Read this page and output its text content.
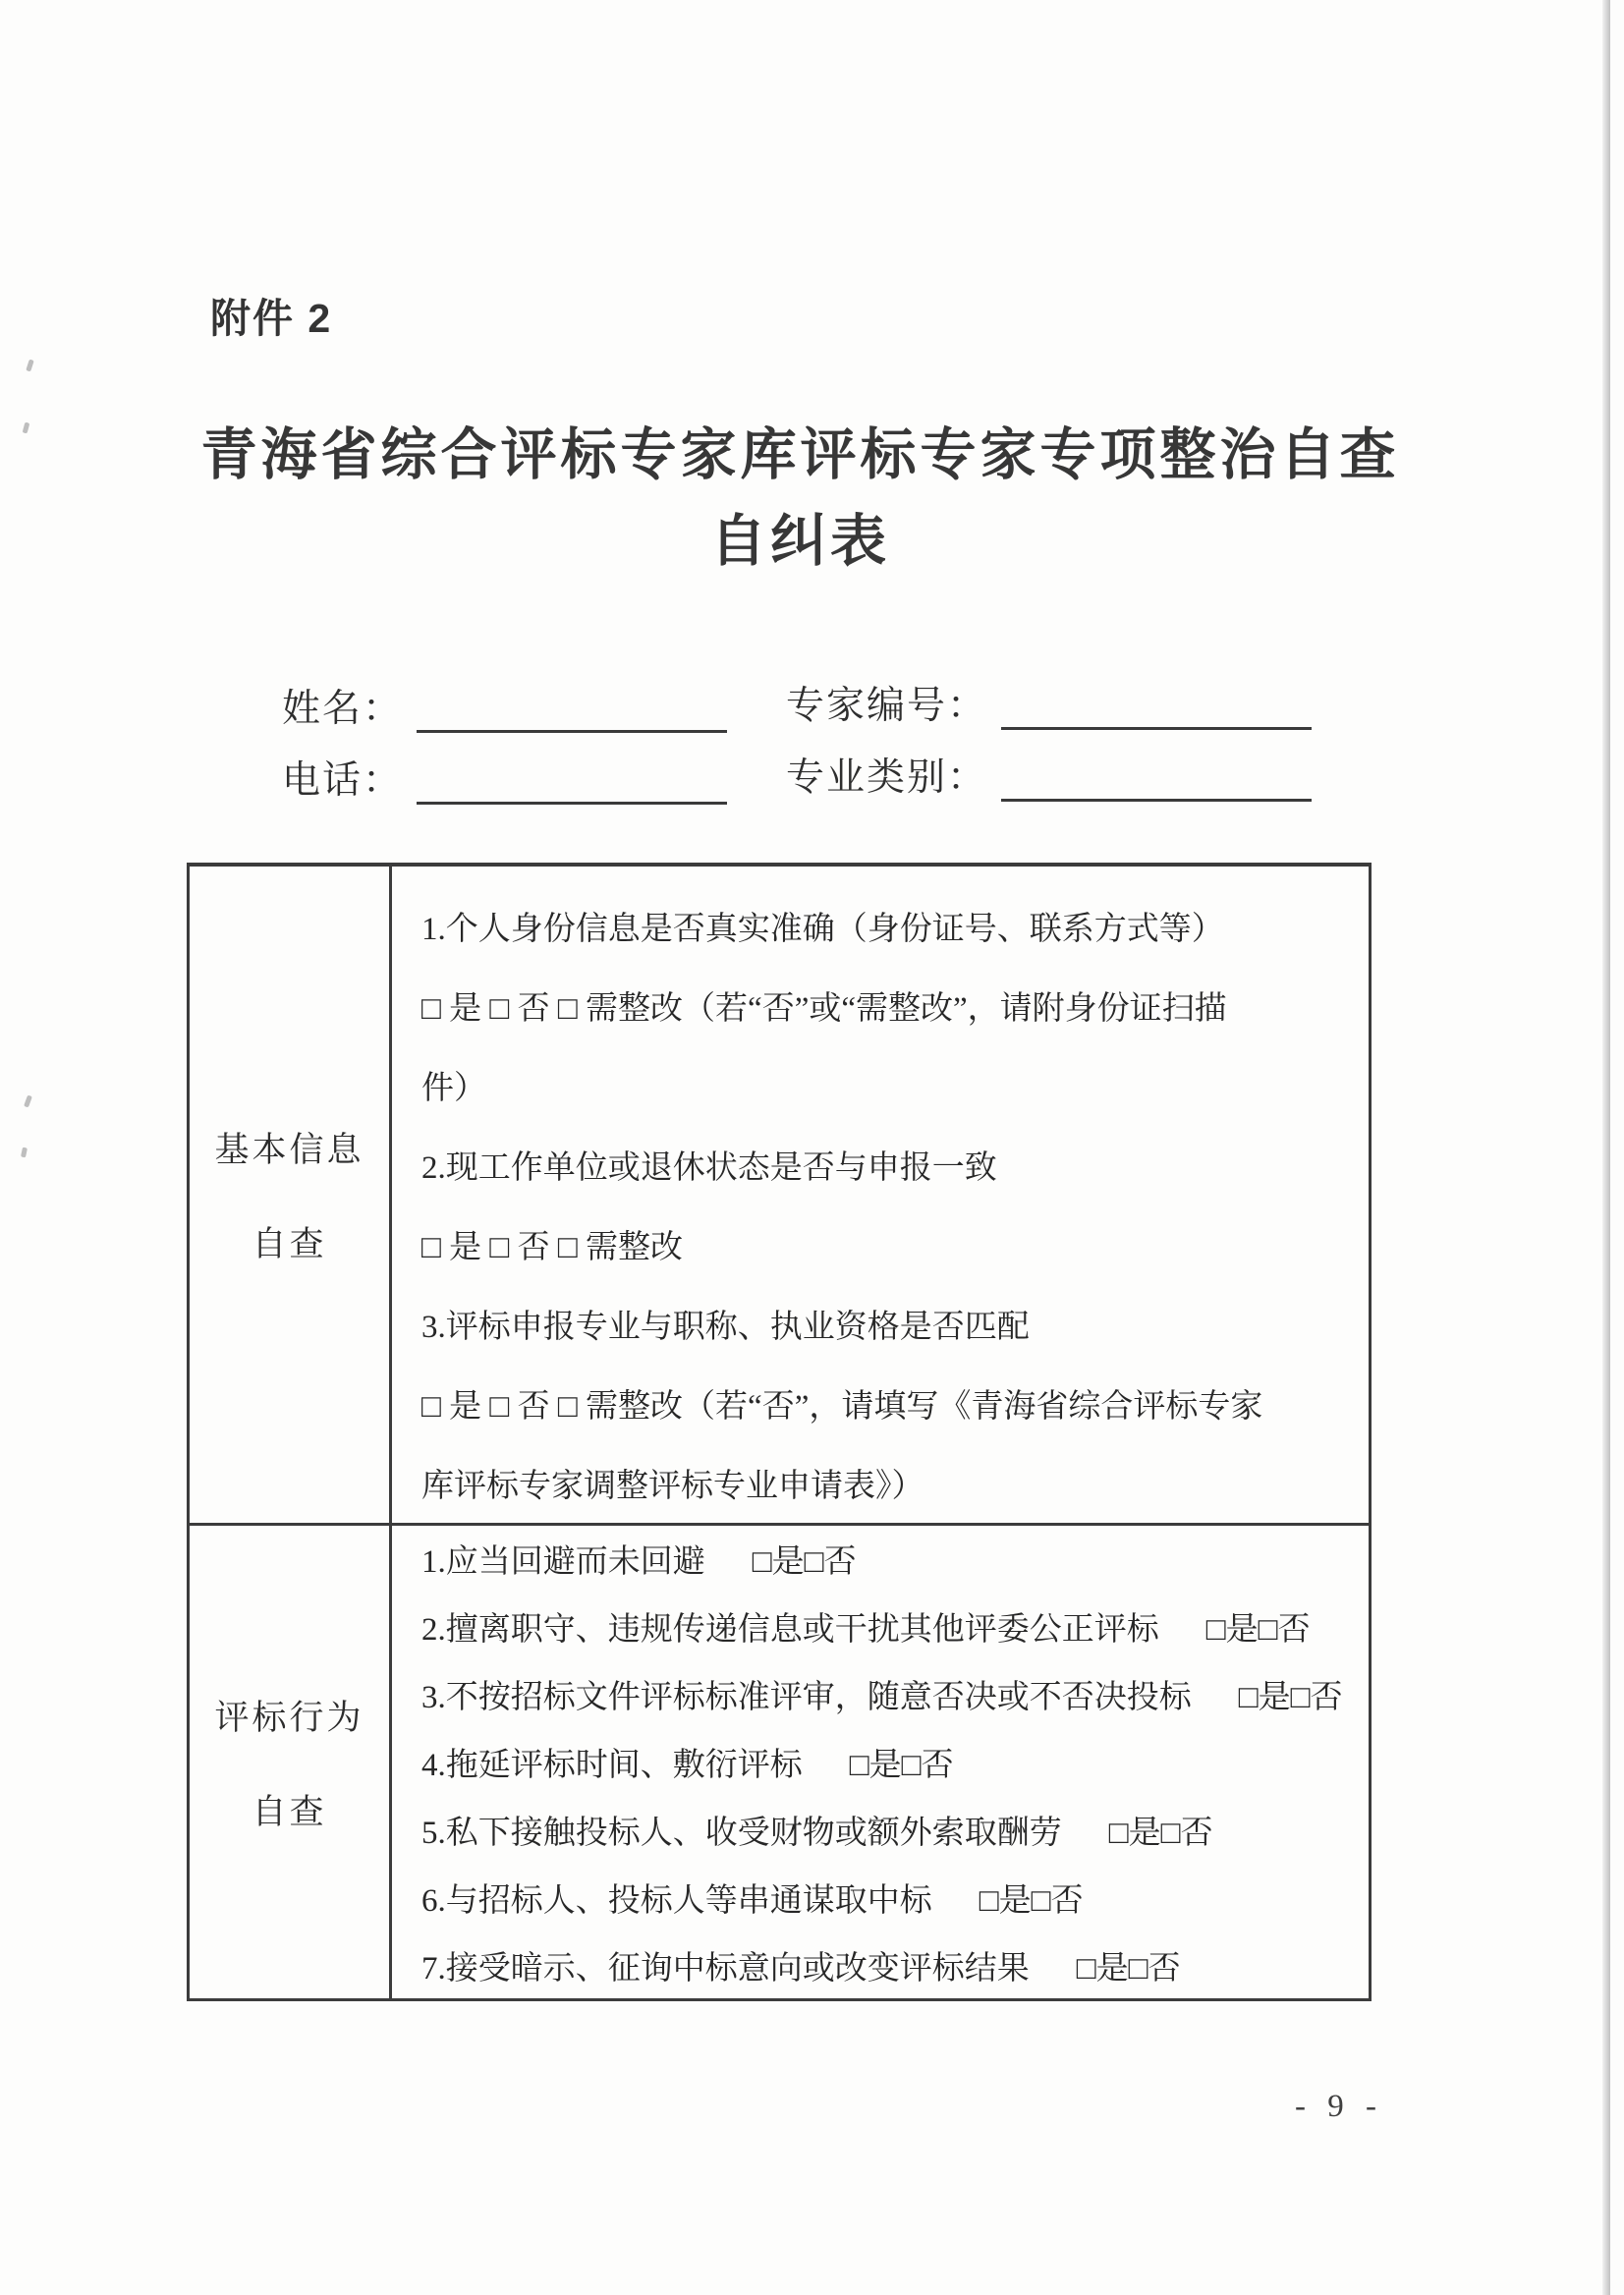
附件 2
青海省综合评标专家库评标专家专项整治自查
自纠表
姓名：	专家编号：
电话：	专业类别：
基本信息
自查
1.个人身份信息是否真实准确（身份证号、联系方式等）
□ 是 □ 否 □ 需整改（若“否”或“需整改”，请附身份证扫描
件）
2.现工作单位或退休状态是否与申报一致
□ 是 □ 否 □ 需整改
3.评标申报专业与职称、执业资格是否匹配
□ 是 □ 否 □ 需整改（若“否”，请填写《青海省综合评标专家
库评标专家调整评标专业申请表》）
评标行为
自查
1.应当回避而未回避 □是□否
2.擅离职守、违规传递信息或干扰其他评委公正评标 □是□否
3.不按招标文件评标标准评审，随意否决或不否决投标 □是□否
4.拖延评标时间、敷衍评标 □是□否
5.私下接触投标人、收受财物或额外索取酬劳 □是□否
6.与招标人、投标人等串通谋取中标 □是□否
7.接受暗示、征询中标意向或改变评标结果 □是□否
- 9 -
